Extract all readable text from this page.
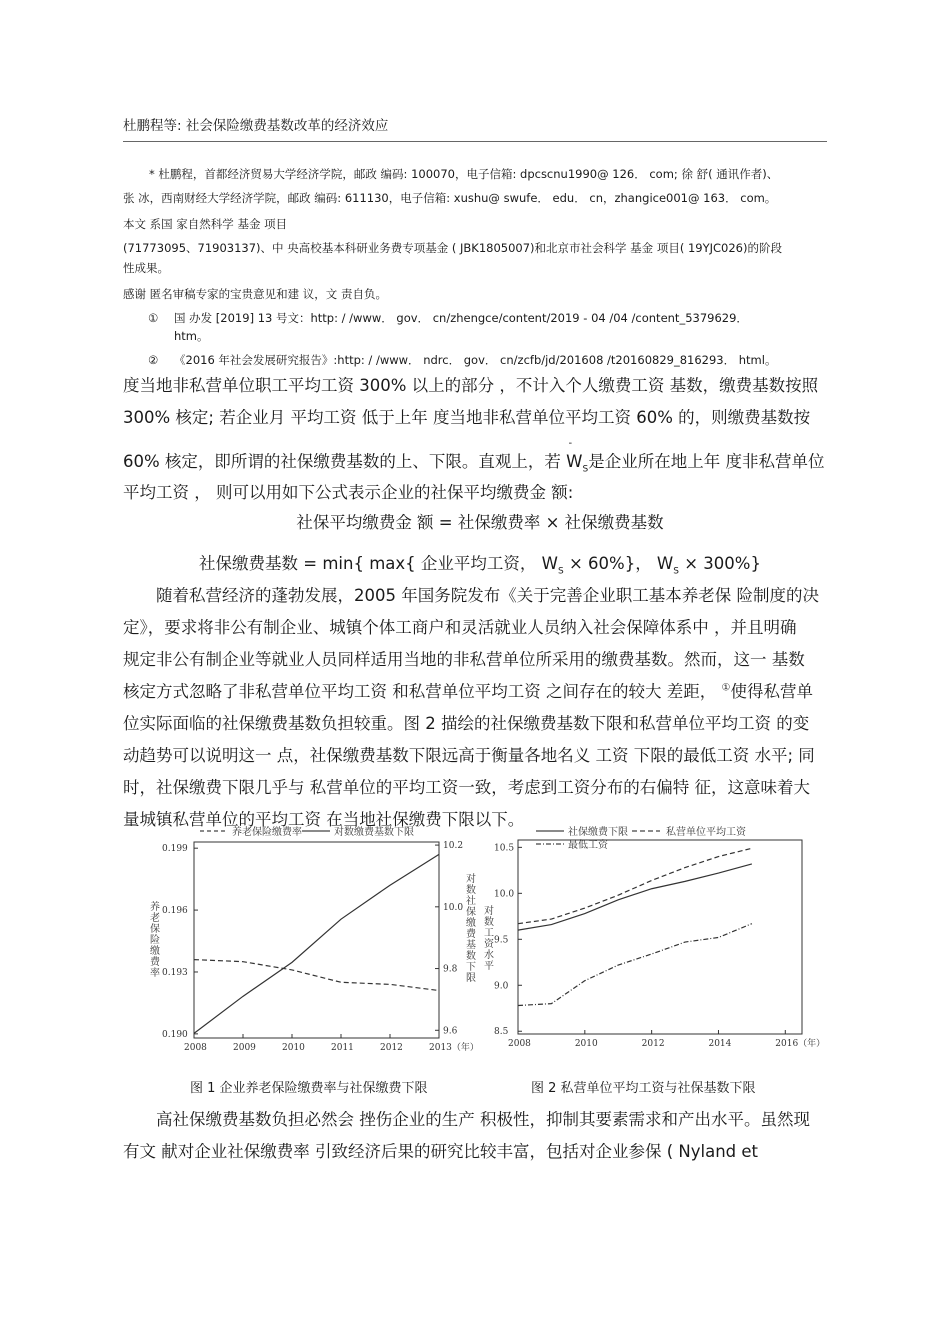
杜鹏程等: 社会保险缴费基数改革的经济效应
* 杜鹏程，首都经济贸易大学经济学院，邮政 编码: 100070，电子信箱: dpcscnu1990@ 126． com; 徐 舒( 通讯作者)、
张 冰，西南财经大学经济学院，邮政 编码: 611130，电子信箱: xushu@ swufe． edu． cn，zhangice001@ 163． com。
本文 系国 家自然科学 基金 项目
(71773095、71903137)、中 央高校基本科研业务费专项基金 ( JBK1805007)和北京市社会科学 基金 项目( 19YJC026)的阶段
性成果。
感谢 匿名审稿专家的宝贵意见和建 议，文 责自负。
① 国 办发 [2019] 13 号文：http: / /www． gov． cn/zhengce/content/2019 - 04 /04 /content_5379629．
htm。
② 《2016 年社会发展研究报告》:http: / /www． ndrc． gov． cn/zcfb/jd/201608 /t20160829_816293． html。
度当地非私营单位职工平均工资 300% 以上的部分 ，不计入个人缴费工资 基数，缴费基数按照
300% 核定; 若企业月 平均工资 低于上年 度当地非私营单位平均工资 60% 的，则缴费基数按
60% 核定，即所谓的社保缴费基数的上、下限。直观上，若 W
-
$_S$是企业所在地上年 度非私营单位
平均工资 ， 则可以用如下公式表示企业的社保平均缴费金 额:
社保平均缴费金 额 = 社保缴费率 × 社保缴费基数
社保缴费基数 = min{ max{ 企业平均工资， $W_S \times 60\%$}， $W_S \times 300\%$}
随着私营经济的蓬勃发展，2005 年国务院发布《关于完善企业职工基本养老保 险制度的决
定》，要求将非公有制企业、城镇个体工商户和灵活就业人员纳入社会保障体系中 ，并且明确
规定非公有制企业等就业人员同样适用当地的非私营单位所采用的缴费基数。然而，这一 基数
核定方式忽略了非私营单位平均工资 和私营单位平均工资 之间存在的较大 差距， ①使得私营单
位实际面临的社保缴费基数负担较重。图 2 描绘的社保缴费基数下限和私营单位平均工资 的变
动趋势可以说明这一 点，社保缴费基数下限远高于衡量各地名义 工资 下限的最低工资 水平; 同
时，社保缴费下限几乎与 私营单位的平均工资一致，考虑到工资分布的右偏特 征，这意味着大
量城镇私营单位的平均工资 在当地社保缴费下限以下。
养老保险缴费率	对数缴费基数下限
2008	2009	2010	2011	2012	2013（年）
0.190
0.193
0.196
0.199
9.6
9.8
10.0
10.2
养
老
保
险
缴
费
率
对
数
社
保
缴
费
基
数
下
限
图 1 企业养老保险缴费率与社保缴费下限
社保缴费下限	私营单位平均工资
最低工资
2008	2010	2012	2014	2016（年）
8.5
9.0
9.5
10.0
10.5
对
数
工
资
水
平
图 2 私营单位平均工资与社保基数下限
高社保缴费基数负担必然会 挫伤企业的生产 积极性，抑制其要素需求和产出水平。虽然现
有文 献对企业社保缴费率 引致经济后果的研究比较丰富，包括对企业参保 ( Nyland et
